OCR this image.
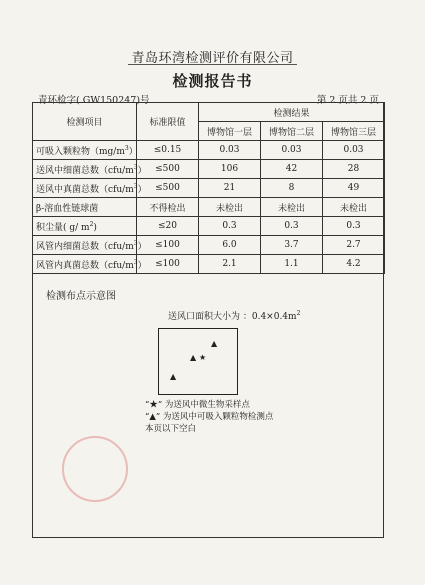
青岛环湾检测评价有限公司
检测报告书
青环检字( GW150247)号	第 2 页共 2 页
检测项目	标准限值	检测结果		
		博物馆一层	博物馆二层	博物馆三层
可吸入颗粒物$(mg/m^3)$	≤0.15	0.03	0.03	0.03
送风中细菌总数$(cfu/m^3)$	≤500	106	42	28
送风中真菌总数$(cfu/m^3)$	≤500	21	8	49
β-溶血性链球菌	不得检出	未检出	未检出	未检出
积尘量( g/ $m^2$)	≤20	0.3	0.3	0.3
风管内细菌总数$(cfu/m^3)$	≤100	6.0	3.7	2.7
风管内真菌总数$(cfu/m^3)$	≤100	2.1	1.1	4.2
检测布点示意图
送风口面积大小为 ：$0.4\times 0.4m^2$
▲
▲ ★
▲
“★” 为送风中微生物采样点
“▲” 为送风中可吸入颗粒物检测点
本页以下空白
